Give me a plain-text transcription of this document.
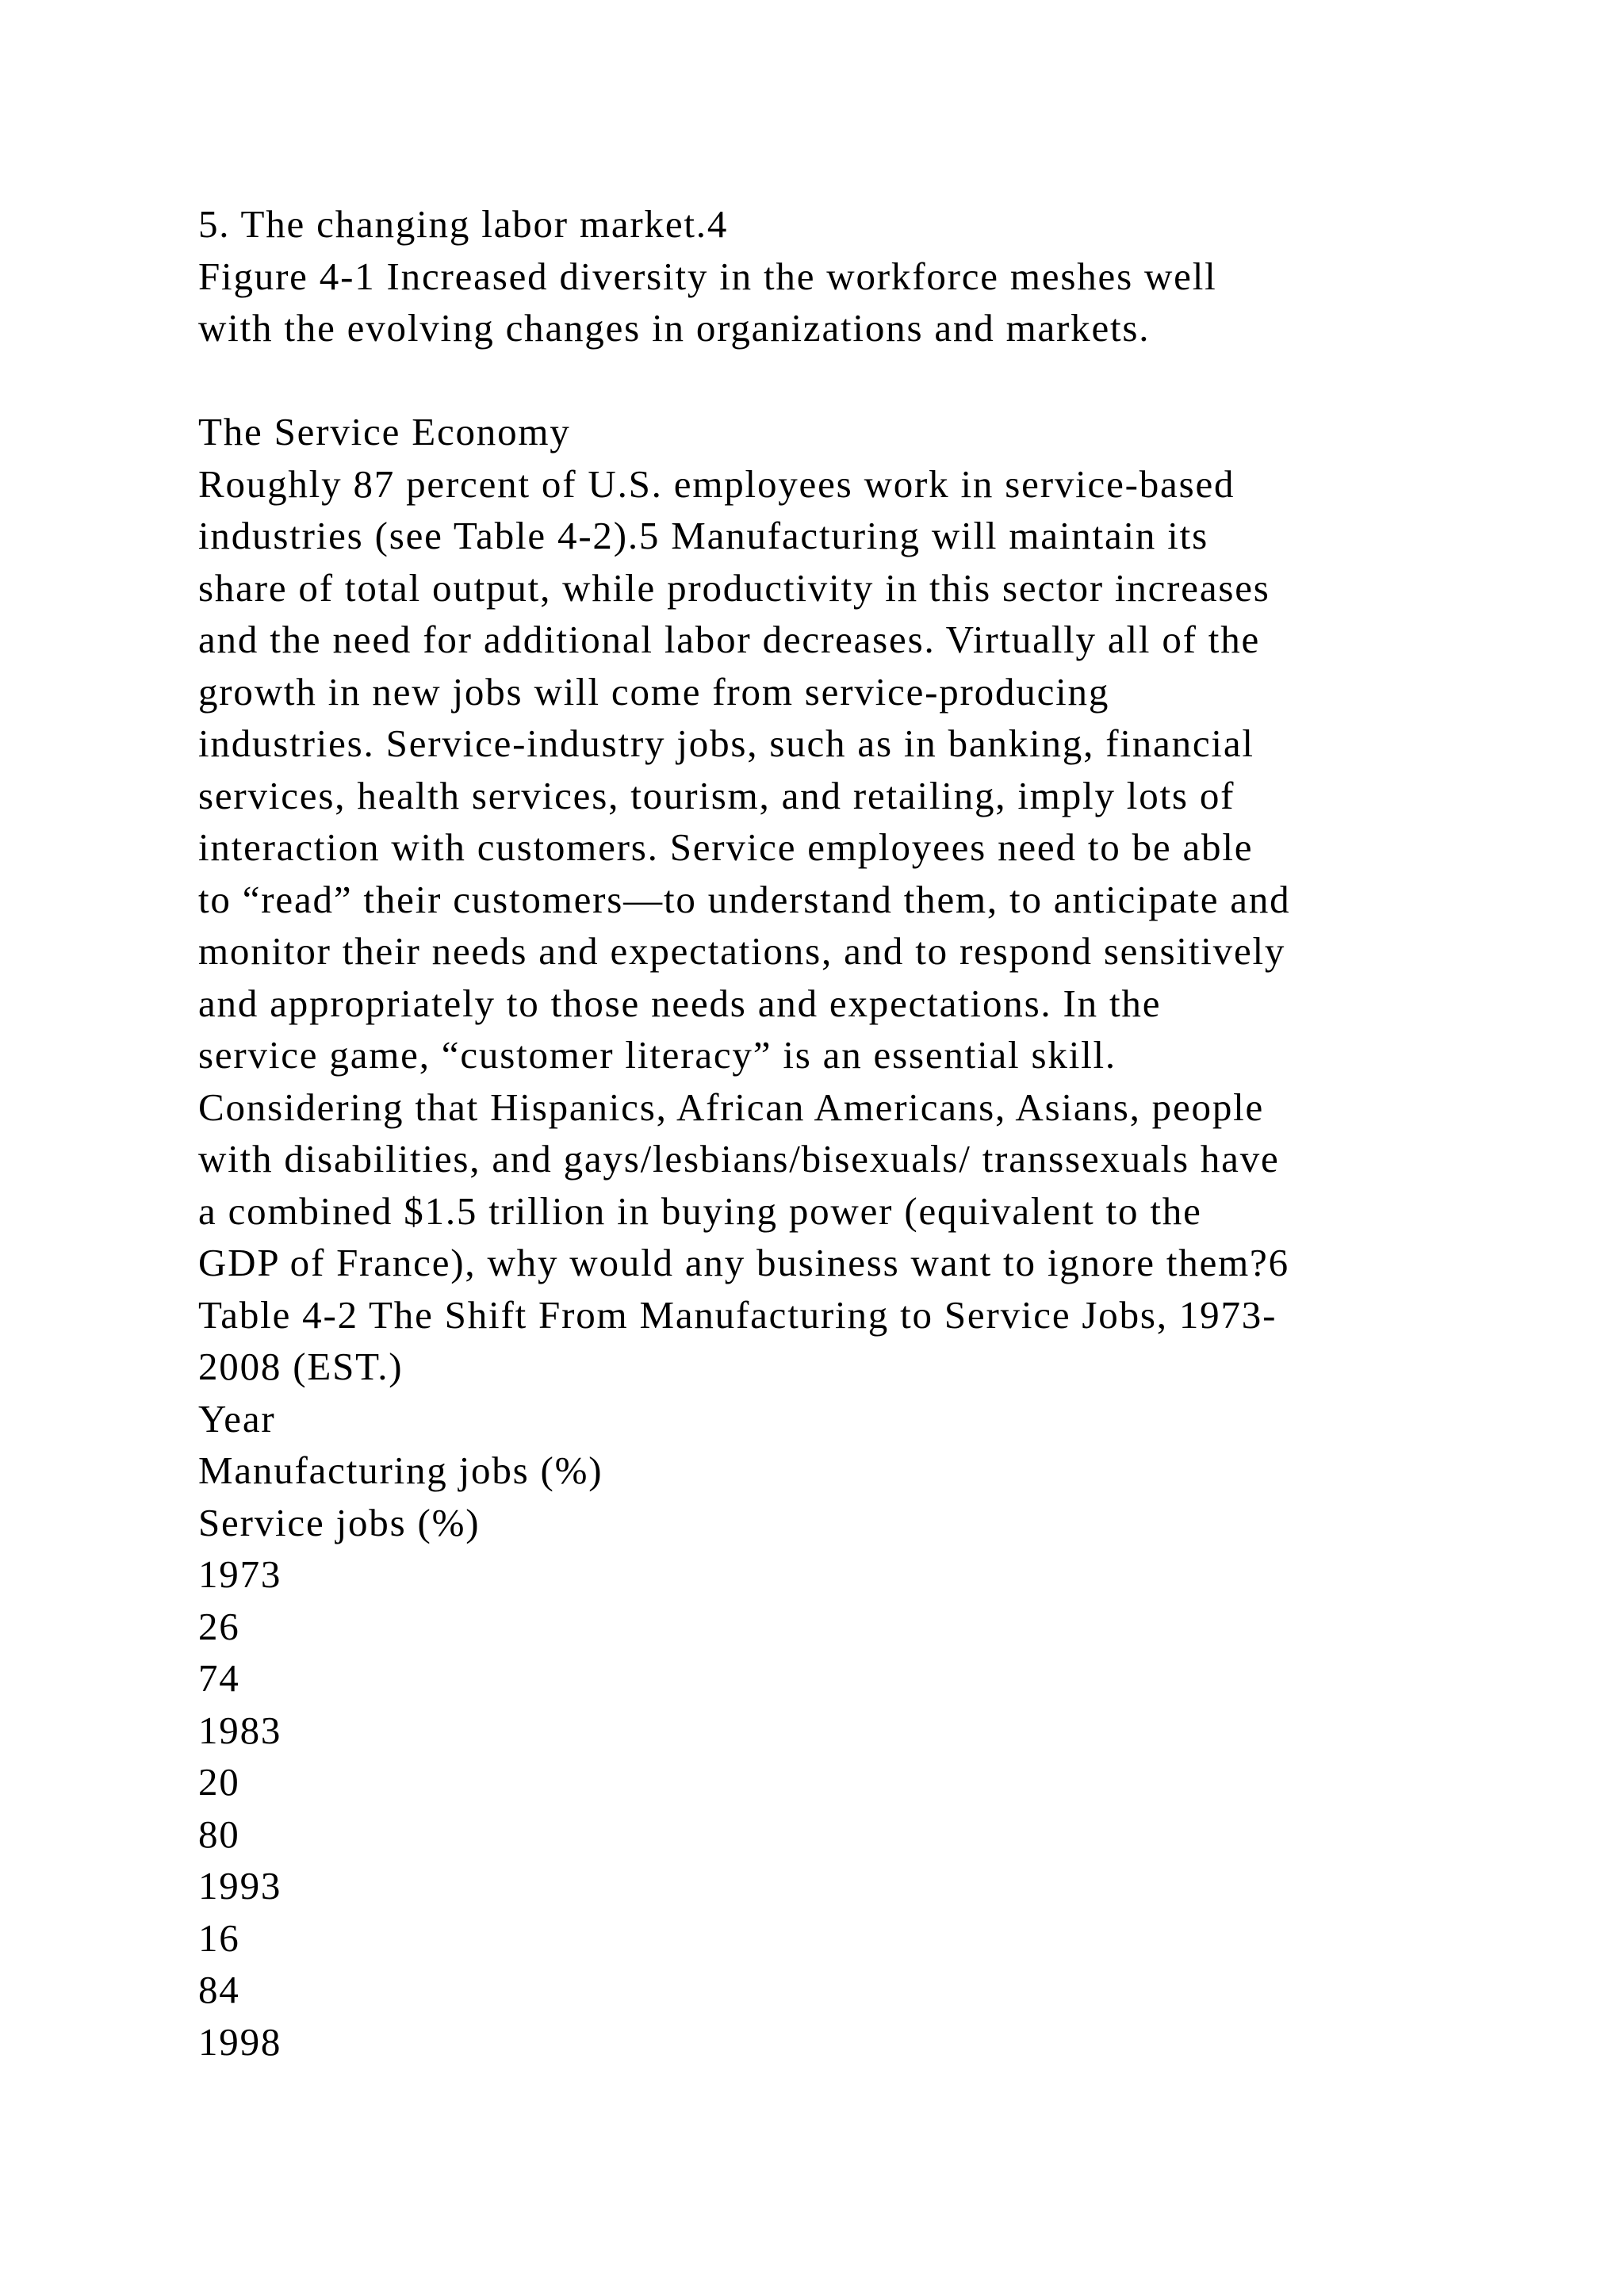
5. The changing labor market.4
Figure 4-1 Increased diversity in the workforce meshes well
with the evolving changes in organizations and markets.
The Service Economy
Roughly 87 percent of U.S. employees work in service-based
industries (see Table 4-2).5 Manufacturing will maintain its
share of total output, while productivity in this sector increases
and the need for additional labor decreases. Virtually all of the
growth in new jobs will come from service-producing
industries. Service-industry jobs, such as in banking, financial
services, health services, tourism, and retailing, imply lots of
interaction with customers. Service employees need to be able
to “read” their customers—to understand them, to anticipate and
monitor their needs and expectations, and to respond sensitively
and appropriately to those needs and expectations. In the
service game, “customer literacy” is an essential skill.
Considering that Hispanics, African Americans, Asians, people
with disabilities, and gays/lesbians/bisexuals/ transsexuals have
a combined $1.5 trillion in buying power (equivalent to the
GDP of France), why would any business want to ignore them?6
Table 4-2 The Shift From Manufacturing to Service Jobs, 1973-
2008 (EST.)
Year
Manufacturing jobs (%)
Service jobs (%)
1973
26
74
1983
20
80
1993
16
84
1998
